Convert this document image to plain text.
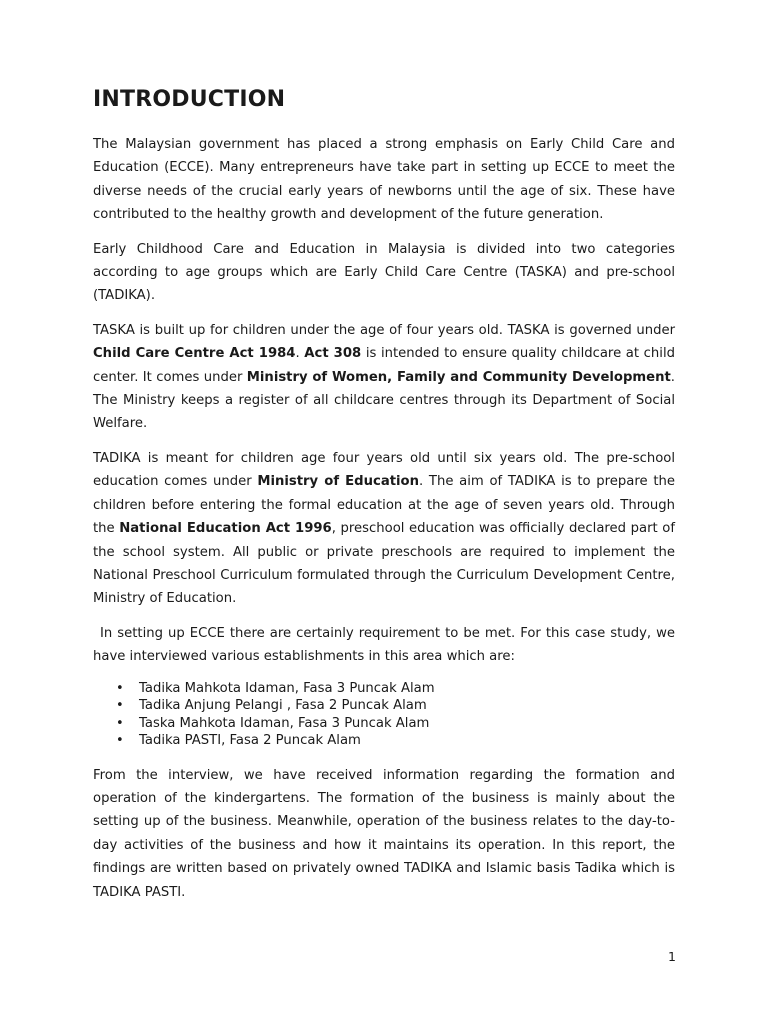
INTRODUCTION

The Malaysian government has placed a strong emphasis on Early Child Care and Education (ECCE). Many entrepreneurs have take part in setting up ECCE to meet the diverse needs of the crucial early years of newborns until the age of six. These have contributed to the healthy growth and development of the future generation.

Early Childhood Care and Education in Malaysia is divided into two categories according to age groups which are Early Child Care Centre (TASKA) and pre-school (TADIKA).

TASKA is built up for children under the age of four years old. TASKA is governed under Child Care Centre Act 1984. Act 308 is intended to ensure quality childcare at child center. It comes under Ministry of Women, Family and Community Development. The Ministry keeps a register of all childcare centres through its Department of Social Welfare.

TADIKA is meant for children age four years old until six years old. The pre-school education comes under Ministry of Education. The aim of TADIKA is to prepare the children before entering the formal education at the age of seven years old. Through the National Education Act 1996, preschool education was officially declared part of the school system. All public or private preschools are required to implement the National Preschool Curriculum formulated through the Curriculum Development Centre, Ministry of Education.

In setting up ECCE there are certainly requirement to be met. For this case study, we have interviewed various establishments in this area which are:

• Tadika Mahkota Idaman, Fasa 3 Puncak Alam
• Tadika Anjung Pelangi , Fasa 2 Puncak Alam
• Taska Mahkota Idaman, Fasa 3 Puncak Alam
• Tadika PASTI, Fasa 2 Puncak Alam

From the interview, we have received information regarding the formation and operation of the kindergartens. The formation of the business is mainly about the setting up of the business. Meanwhile, operation of the business relates to the day-to-day activities of the business and how it maintains its operation. In this report, the findings are written based on privately owned TADIKA and Islamic basis Tadika which is TADIKA PASTI.

1
